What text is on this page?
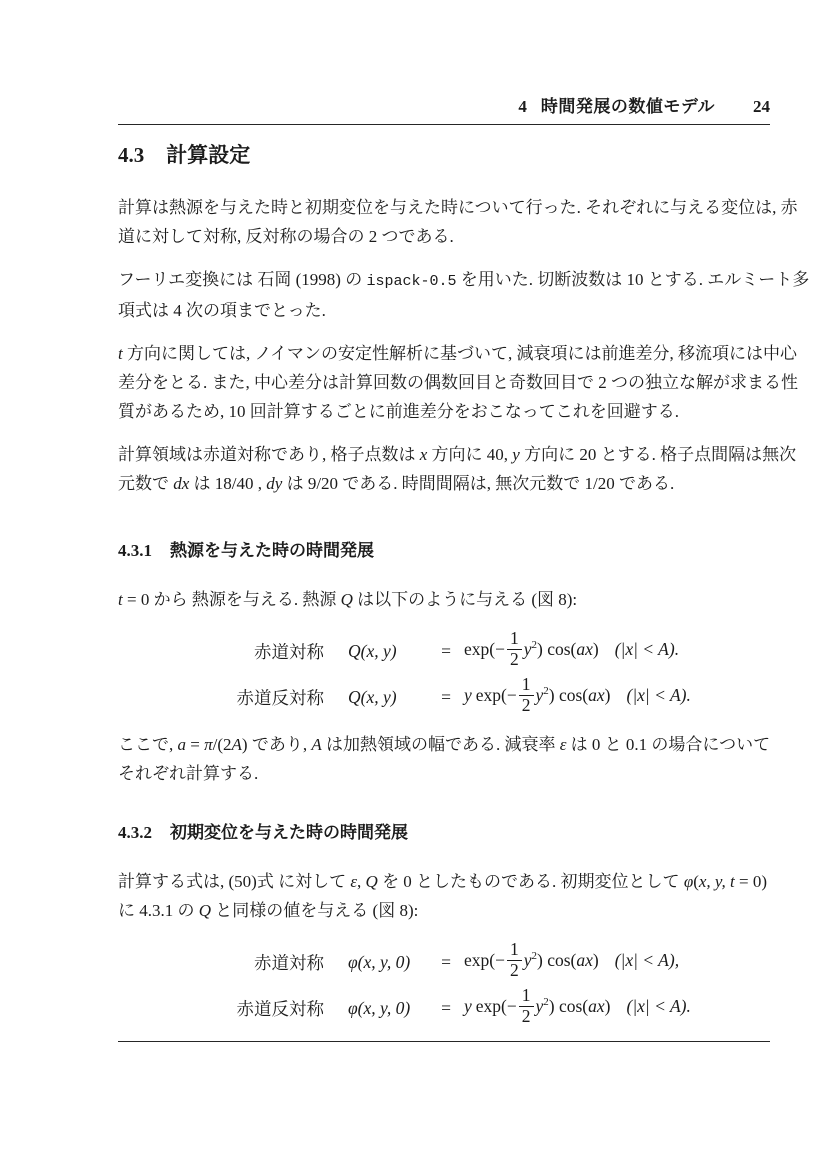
4 時間発展の数値モデル 24
4.3 計算設定
計算は熱源を与えた時と初期変位を与えた時について行った. それぞれに与える変位は, 赤
道に対して対称, 反対称の場合の 2 つである.
フーリエ変換には 石岡 (1998) の ispack-0.5 を用いた. 切断波数は 10 とする. エルミート多
項式は 4 次の項までとった.
t 方向に関しては, ノイマンの安定性解析に基づいて, 減衰項には前進差分, 移流項には中心
差分をとる. また, 中心差分は計算回数の偶数回目と奇数回目で 2 つの独立な解が求まる性
質があるため, 10 回計算するごとに前進差分をおこなってこれを回避する.
計算領域は赤道対称であり, 格子点数は x 方向に 40, y 方向に 20 とする. 格子点間隔は無次
元数で dx は 18/40 , dy は 9/20 である. 時間間隔は, 無次元数で 1/20 である.
4.3.1 熱源を与えた時の時間発展
t = 0 から 熱源を与える. 熱源 Q は以下のように与える (図 8):
赤道対称	Q(x, y)	= $\exp(- \frac{1}{2} y^2)$ cos(ax) (|x| < A).
赤道反対称	Q(x, y)	= y $\exp(- \frac{1}{2} y^2)$ cos(ax) (|x| < A).
ここで, a = π/(2A) であり, A は加熱領域の幅である. 減衰率 ε は 0 と 0.1 の場合について
それぞれ計算する.
4.3.2 初期変位を与えた時の時間発展
計算する式は, (50)式 に対して ε, Q を 0 としたものである. 初期変位として φ(x, y, t = 0)
に 4.3.1 の Q と同様の値を与える (図 8):
赤道対称	φ(x, y, 0)	= $\exp(- \frac{1}{2} y^2)$ cos(ax) (|x| < A),
赤道反対称	φ(x, y, 0)	= y $\exp(- \frac{1}{2} y^2)$ cos(ax) (|x| < A).
